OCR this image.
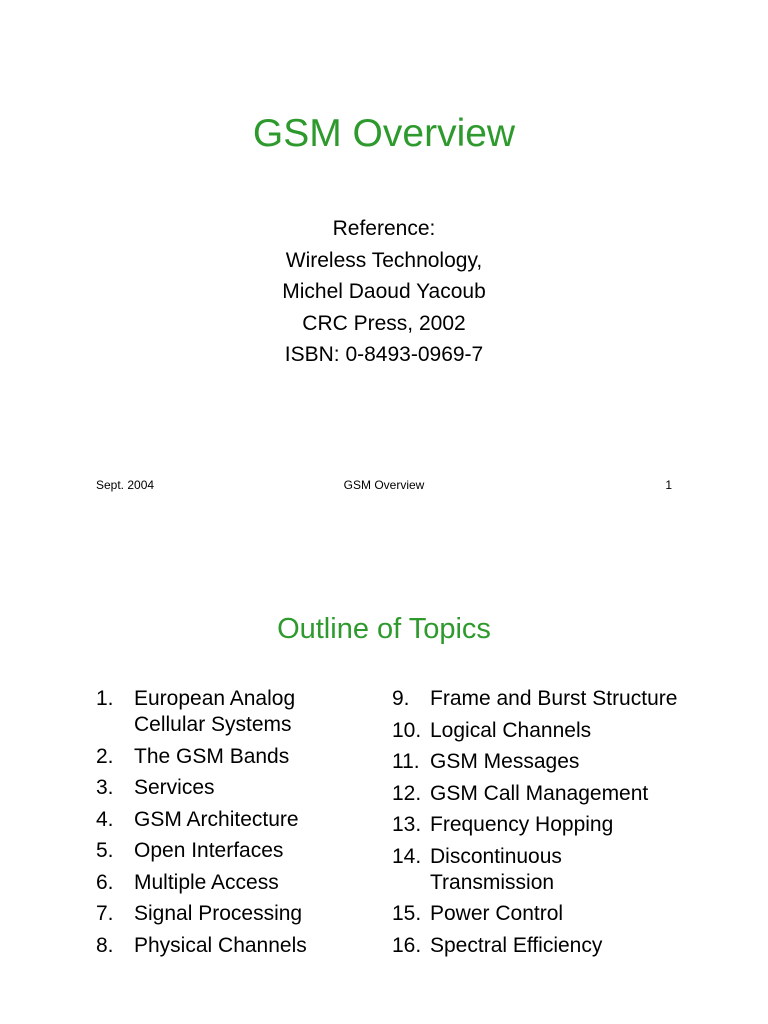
GSM Overview
Reference:
Wireless Technology,
Michel Daoud Yacoub
CRC Press, 2002
ISBN: 0-8493-0969-7
Sept. 2004	GSM Overview	1
Outline of Topics
1. European Analog Cellular Systems
2. The GSM Bands
3. Services
4. GSM Architecture
5. Open Interfaces
6. Multiple Access
7. Signal Processing
8. Physical Channels
9. Frame and Burst Structure
10. Logical Channels
11. GSM Messages
12. GSM Call Management
13. Frequency Hopping
14. Discontinuous Transmission
15. Power Control
16. Spectral Efficiency
